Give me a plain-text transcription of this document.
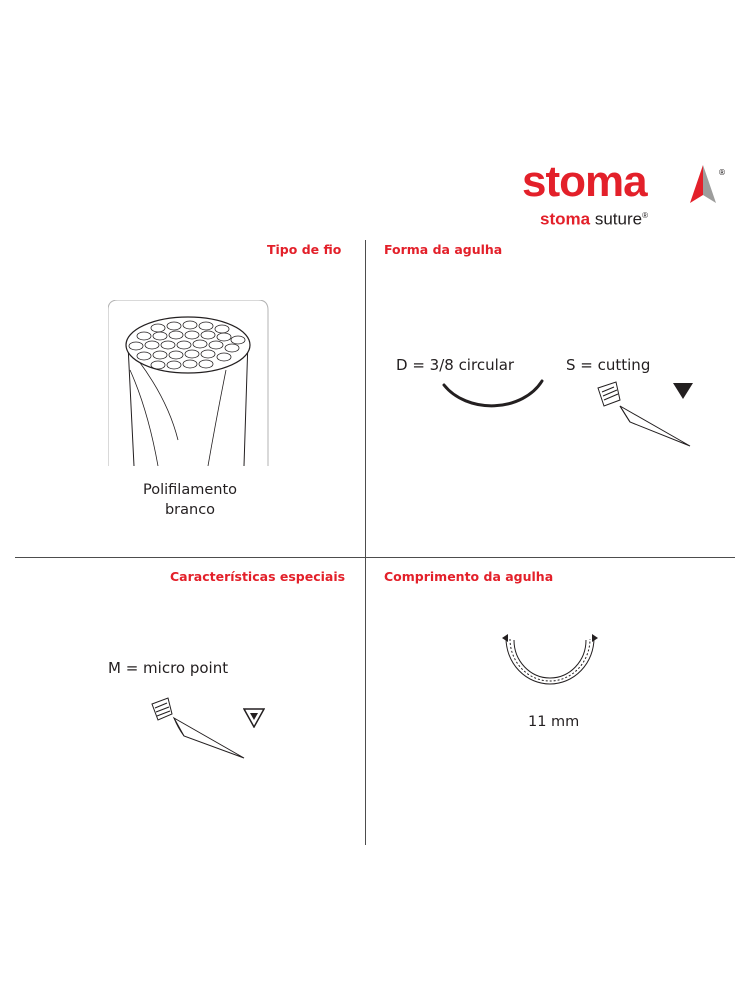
stoma	®
stoma suture®
Tipo de fio	Forma da agulha
Características especiais	Comprimento da agulha
Polifilamento
branco
D = 3/8 circular	S = cutting
M = micro point
11 mm
